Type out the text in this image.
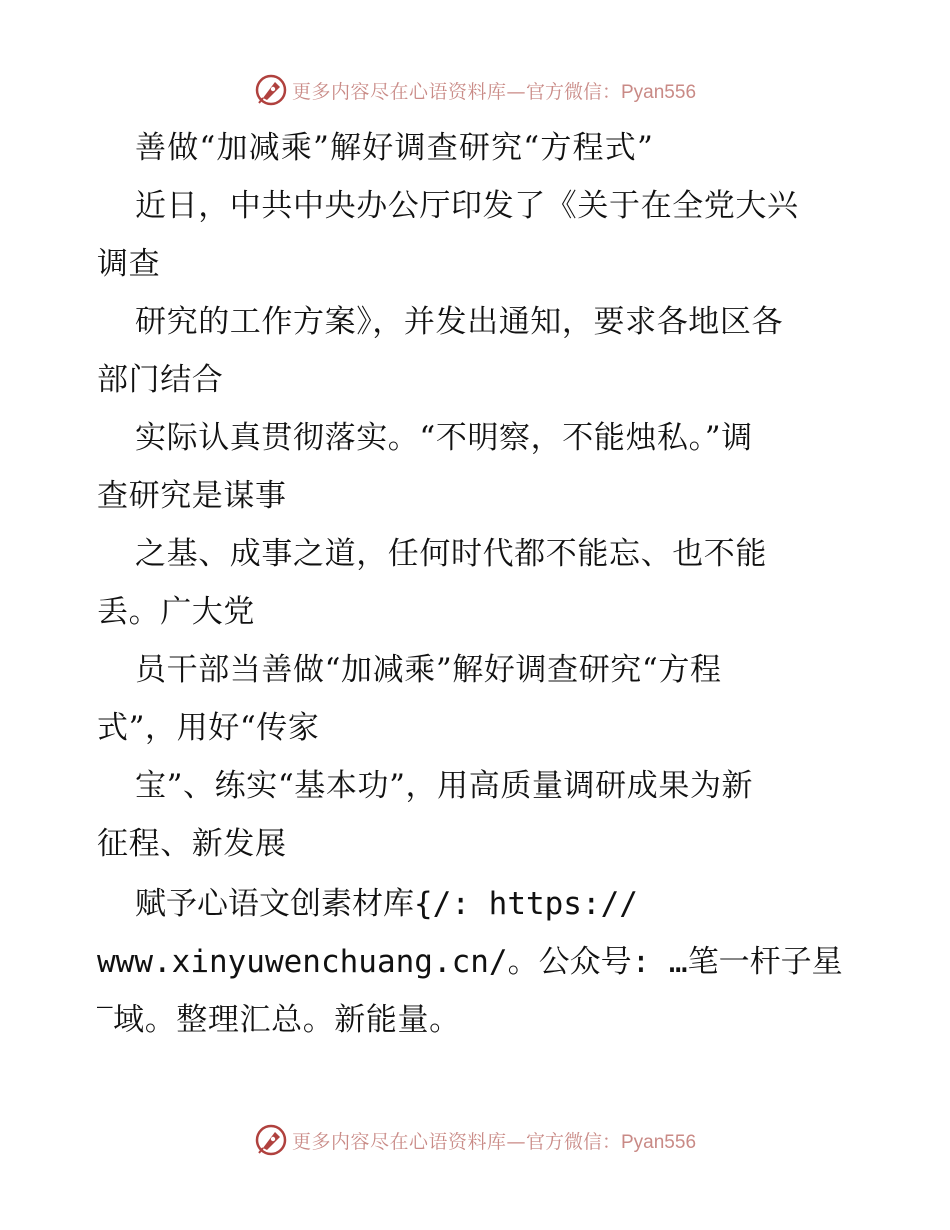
更多内容尽在心语资料库— 官方微信：Pyan556

善做“加减乘”解好调查研究“方程式”

近日，中共中央办公厅印发了《关于在全党大兴

调查

研究的工作方案》，并发出通知，要求各地区各

部门结合

实际认真贯彻落实。“不明察，不能烛私。”调

查研究是谋事

之基、成事之道，任何时代都不能忘、也不能

丢。广大党

员干部当善做“加减乘”解好调查研究“方程

式”，用好“传家

宝”、练实“基本功”，用高质量调研成果为新

征程、新发展

赋予心语文创素材库{/: https://

www.xinyuwenchuang.cn/。公众号: …笔一杆子星

‾域。整理汇总。新能量。

更多内容尽在心语资料库— 官方微信：Pyan556
